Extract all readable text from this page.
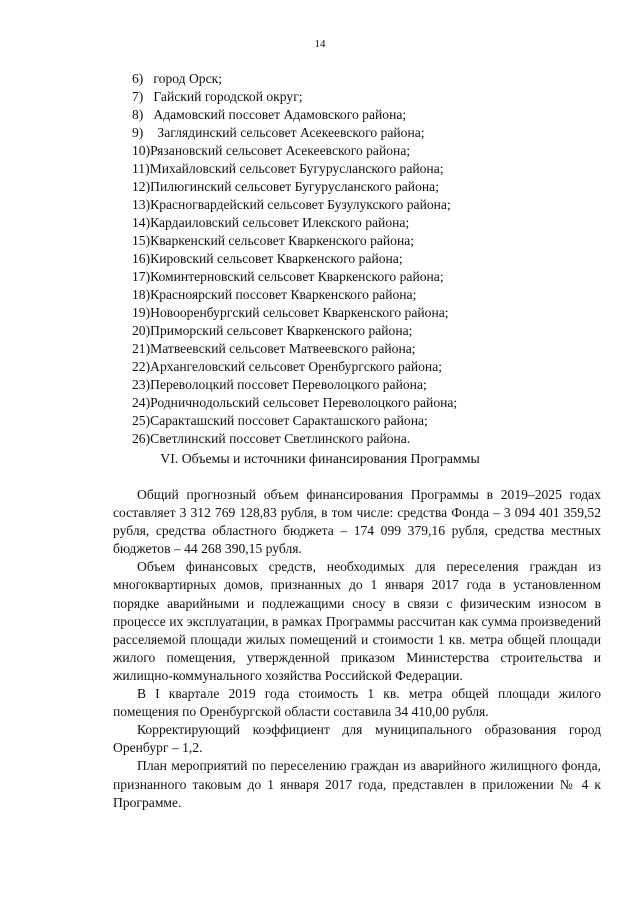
14
6) город Орск;
7) Гайский городской округ;
8) Адамовский поссовет Адамовского района;
9) Заглядинский сельсовет Асекеевского района;
10)Рязановский сельсовет Асекеевского района;
11)Михайловский сельсовет Бугурусланского района;
12)Пилюгинский сельсовет Бугурусланского района;
13)Красногвардейский сельсовет Бузулукского района;
14)Кардаиловский сельсовет Илекского района;
15)Кваркенский сельсовет Кваркенского района;
16)Кировский сельсовет Кваркенского района;
17)Коминтерновский сельсовет Кваркенского района;
18)Красноярский поссовет Кваркенского района;
19)Новооренбургский сельсовет Кваркенского района;
20)Приморский сельсовет Кваркенского района;
21)Матвеевский сельсовет Матвеевского района;
22)Архангеловский сельсовет Оренбургского района;
23)Переволоцкий поссовет Переволоцкого района;
24)Родничнодольский сельсовет Переволоцкого района;
25)Саракташский поссовет Саракташского района;
26)Светлинский поссовет Светлинского района.
VI. Объемы и источники финансирования Программы

Общий прогнозный объем финансирования Программы в 2019–2025 годах составляет 3 312 769 128,83 рубля, в том числе: средства Фонда – 3 094 401 359,52 рубля, средства областного бюджета – 174 099 379,16 рубля, средства местных бюджетов – 44 268 390,15 рубля.

Объем финансовых средств, необходимых для переселения граждан из многоквартирных домов, признанных до 1 января 2017 года в установленном порядке аварийными и подлежащими сносу в связи с физическим износом в процессе их эксплуатации, в рамках Программы рассчитан как сумма произведений расселяемой площади жилых помещений и стоимости 1 кв. метра общей площади жилого помещения, утвержденной приказом Министерства строительства и жилищно-коммунального хозяйства Российской Федерации.

В I квартале 2019 года стоимость 1 кв. метра общей площади жилого помещения по Оренбургской области составила 34 410,00 рубля.

Корректирующий коэффициент для муниципального образования город Оренбург – 1,2.

План мероприятий по переселению граждан из аварийного жилищного фонда, признанного таковым до 1 января 2017 года, представлен в приложении № 4 к Программе.
